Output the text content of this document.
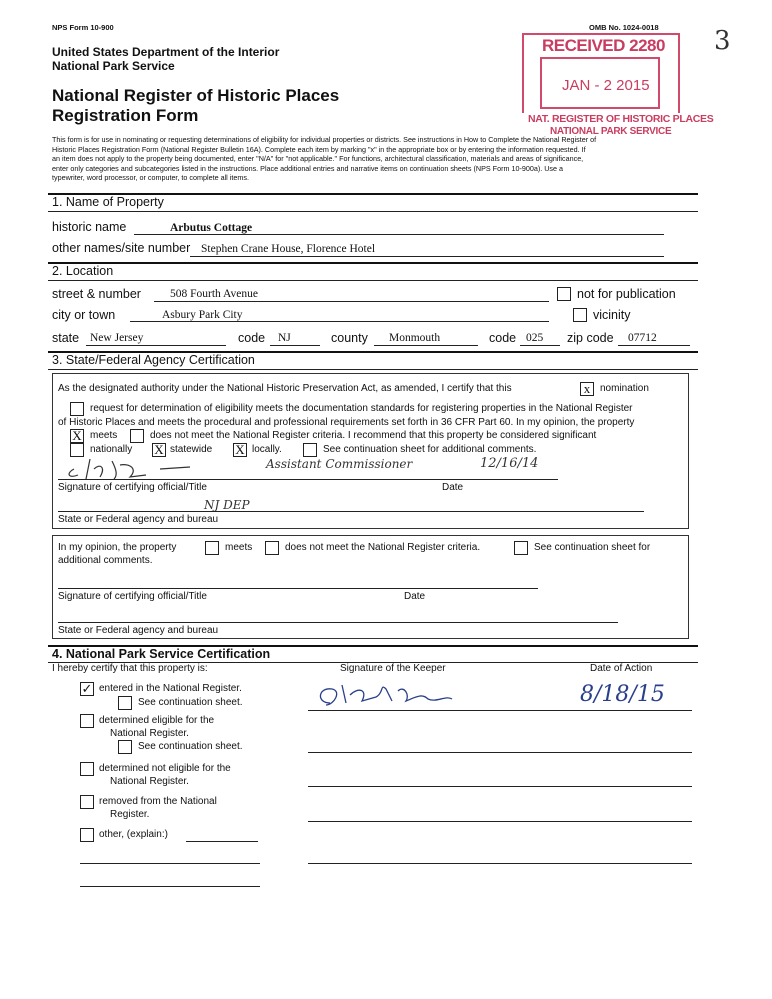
NPS Form 10-900	OMB No. 1024-0018
United States Department of the Interior
National Park Service
National Register of Historic Places
Registration Form
3
RECEIVED 2280
JAN - 2 2015
NAT. REGISTER OF HISTORIC PLACES
NATIONAL PARK SERVICE
This form is for use in nominating or requesting determinations of eligibility for individual properties or districts. See instructions in How to Complete the National Register of
Historic Places Registration Form (National Register Bulletin 16A). Complete each item by marking "x" in the appropriate box or by entering the information requested. If
an item does not apply to the property being documented, enter "N/A" for "not applicable." For functions, architectural classification, materials and areas of significance,
enter only categories and subcategories listed in the instructions. Place additional entries and narrative items on continuation sheets (NPS Form 10-900a). Use a
typewriter, word processor, or computer, to complete all items.
1. Name of Property
historic name	Arbutus Cottage
other names/site number Stephen Crane House, Florence Hotel
2. Location
street & number	508 Fourth Avenue	not for publication
city or town	Asbury Park City	vicinity
state New Jersey	code NJ	county Monmouth	code 025 zip code 07712
3. State/Federal Agency Certification
As the designated authority under the National Historic Preservation Act, as amended, I certify that this	x nomination
request for determination of eligibility meets the documentation standards for registering properties in the National Register
of Historic Places and meets the procedural and professional requirements set forth in 36 CFR Part 60. In my opinion, the property
X meets	does not meet the National Register criteria. I recommend that this property be considered significant
nationally X statewide X locally.	See continuation sheet for additional comments.
Assistant Commissioner	12/16/14
Signature of certifying official/Title	Date
NJ DEP
State or Federal agency and bureau
In my opinion, the property	meets	does not meet the National Register criteria.	See continuation sheet for
additional comments.
Signature of certifying official/Title	Date
State or Federal agency and bureau
4. National Park Service Certification
I hereby certify that this property is:	Signature of the Keeper	Date of Action
✓ entered in the National Register.
See continuation sheet.	8/18/15
determined eligible for the
National Register.
See continuation sheet.
determined not eligible for the
National Register.
removed from the National
Register.
other, (explain:)
